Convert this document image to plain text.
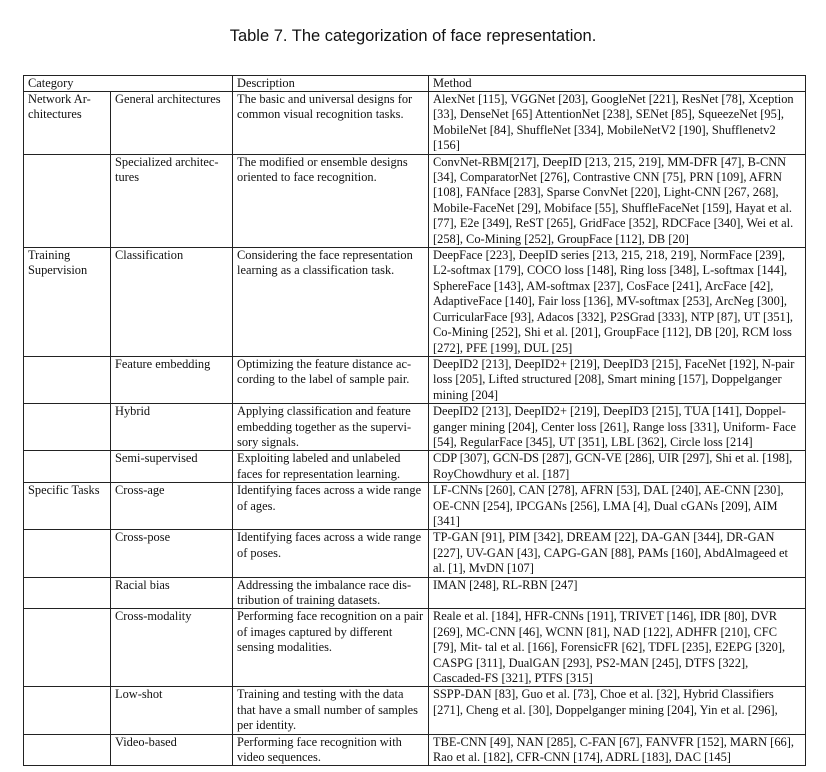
Table 7. The categorization of face representation.
Category		Description	Method
Network Ar- chitectures	General architectures	The basic and universal designs for common visual recognition tasks.	AlexNet [115], VGGNet [203], GoogleNet [221], ResNet [78], Xception [33], DenseNet [65] AttentionNet [238], SENet [85], SqueezeNet [95], MobileNet [84], ShuffleNet [334], MobileNetV2 [190], Shufflenetv2 [156]
	Specialized architec- tures	The modified or ensemble designs oriented to face recognition.	ConvNet-RBM[217], DeepID [213, 215, 219], MM-DFR [47], B-CNN [34], ComparatorNet [276], Contrastive CNN [75], PRN [109], AFRN [108], FANface [283], Sparse ConvNet [220], Light-CNN [267, 268], Mobile-FaceNet [29], Mobiface [55], ShuffleFaceNet [159], Hayat et al. [77], E2e [349], ReST [265], GridFace [352], RDCFace [340], Wei et al. [258], Co-Mining [252], GroupFace [112], DB [20]
Training Supervision	Classification	Considering the face representation learning as a classification task.	DeepFace [223], DeepID series [213, 215, 218, 219], NormFace [239], L2-softmax [179], COCO loss [148], Ring loss [348], L-softmax [144], SphereFace [143], AM-softmax [237], CosFace [241], ArcFace [42], AdaptiveFace [140], Fair loss [136], MV-softmax [253], ArcNeg [300], CurricularFace [93], Adacos [332], P2SGrad [333], NTP [87], UT [351], Co-Mining [252], Shi et al. [201], GroupFace [112], DB [20], RCM loss [272], PFE [199], DUL [25]
	Feature embedding	Optimizing the feature distance ac- cording to the label of sample pair.	DeepID2 [213], DeepID2+ [219], DeepID3 [215], FaceNet [192], N-pair loss [205], Lifted structured [208], Smart mining [157], Doppelganger mining [204]
	Hybrid	Applying classification and feature embedding together as the supervi- sory signals.	DeepID2 [213], DeepID2+ [219], DeepID3 [215], TUA [141], Doppel- ganger mining [204], Center loss [261], Range loss [331], Uniform- Face [54], RegularFace [345], UT [351], LBL [362], Circle loss [214]
	Semi-supervised	Exploiting labeled and unlabeled faces for representation learning.	CDP [307], GCN-DS [287], GCN-VE [286], UIR [297], Shi et al. [198], RoyChowdhury et al. [187]
Specific Tasks	Cross-age	Identifying faces across a wide range of ages.	LF-CNNs [260], CAN [278], AFRN [53], DAL [240], AE-CNN [230], OE-CNN [254], IPCGANs [256], LMA [4], Dual cGANs [209], AIM [341]
	Cross-pose	Identifying faces across a wide range of poses.	TP-GAN [91], PIM [342], DREAM [22], DA-GAN [344], DR-GAN [227], UV-GAN [43], CAPG-GAN [88], PAMs [160], AbdAlmageed et al. [1], MvDN [107]
	Racial bias	Addressing the imbalance race dis- tribution of training datasets.	IMAN [248], RL-RBN [247]
	Cross-modality	Performing face recognition on a pair of images captured by different sensing modalities.	Reale et al. [184], HFR-CNNs [191], TRIVET [146], IDR [80], DVR [269], MC-CNN [46], WCNN [81], NAD [122], ADHFR [210], CFC [79], Mit- tal et al. [166], ForensicFR [62], TDFL [235], E2EPG [320], CASPG [311], DualGAN [293], PS2-MAN [245], DTFS [322], Cascaded-FS [321], PTFS [315]
	Low-shot	Training and testing with the data that have a small number of samples per identity.	SSPP-DAN [83], Guo et al. [73], Choe et al. [32], Hybrid Classifiers [271], Cheng et al. [30], Doppelganger mining [204], Yin et al. [296],
	Video-based	Performing face recognition with video sequences.	TBE-CNN [49], NAN [285], C-FAN [67], FANVFR [152], MARN [66], Rao et al. [182], CFR-CNN [174], ADRL [183], DAC [145]
